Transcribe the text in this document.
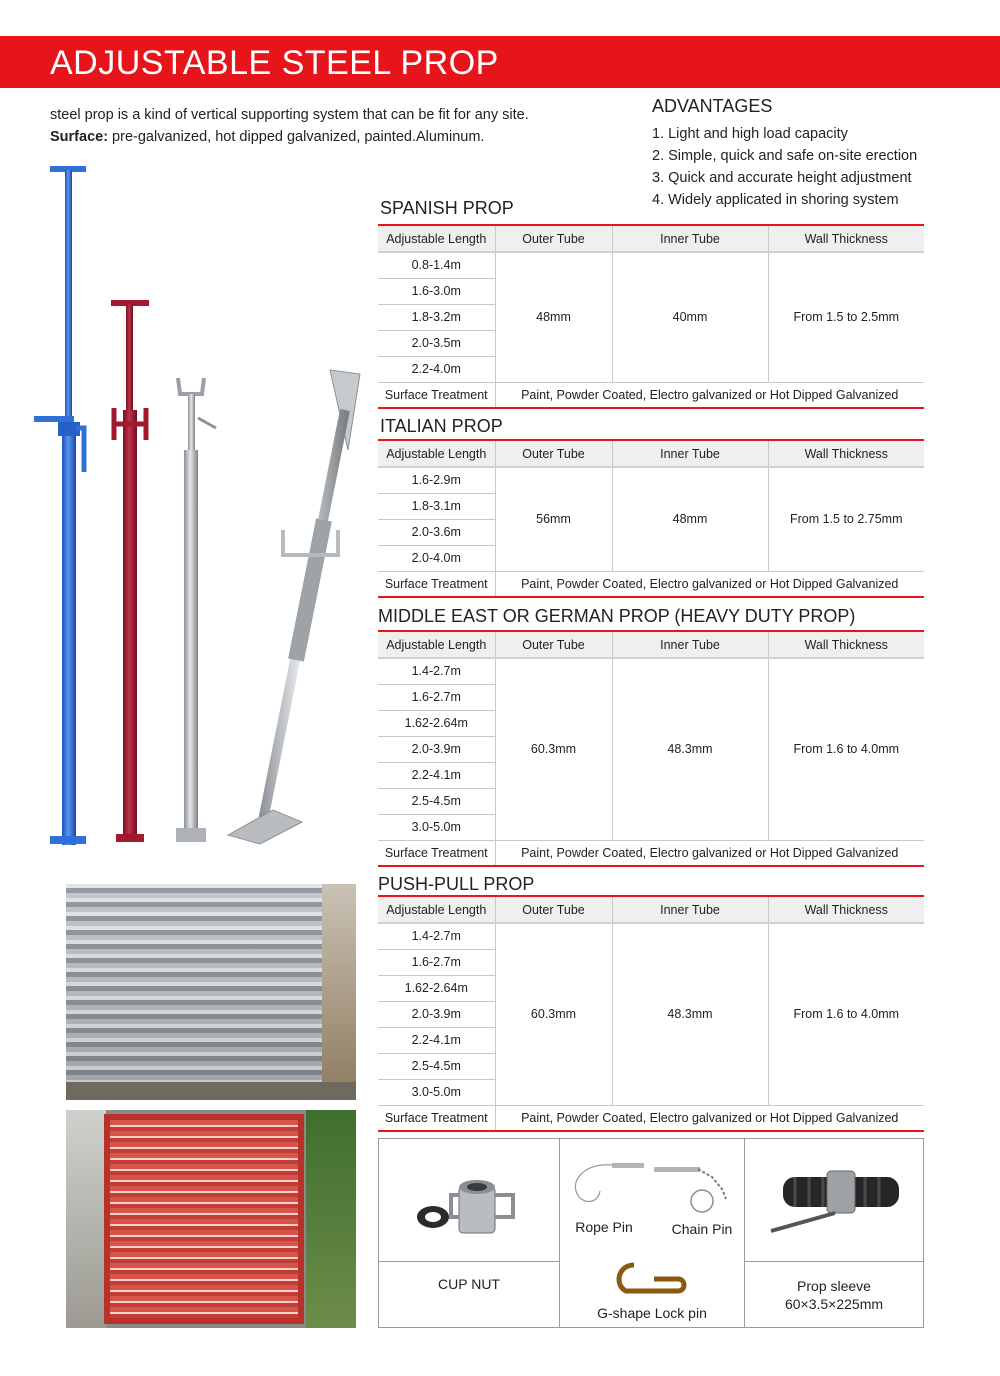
ADJUSTABLE STEEL PROP
steel prop is a kind of vertical supporting system that can be fit for any site.
Surface: pre-galvanized, hot dipped galvanized, painted.Aluminum.
ADVANTAGES
1. Light and high load capacity
2. Simple, quick and safe on-site erection
3. Quick and accurate height adjustment
4. Widely applicated in shoring system
SPANISH PROP
Adjustable Length	Outer Tube	Inner Tube	Wall Thickness
0.8-1.4m	48mm	40mm	From 1.5 to 2.5mm
1.6-3.0m			
1.8-3.2m			
2.0-3.5m			
2.2-4.0m			
Surface Treatment	Paint, Powder Coated, Electro galvanized or Hot Dipped Galvanized		
ITALIAN PROP
Adjustable Length	Outer Tube	Inner Tube	Wall Thickness
1.6-2.9m	56mm	48mm	From 1.5 to 2.75mm
1.8-3.1m			
2.0-3.6m			
2.0-4.0m			
Surface Treatment	Paint, Powder Coated, Electro galvanized or Hot Dipped Galvanized		
MIDDLE EAST OR GERMAN PROP (HEAVY DUTY PROP)
Adjustable Length	Outer Tube	Inner Tube	Wall Thickness
1.4-2.7m	60.3mm	48.3mm	From 1.6 to 4.0mm
1.6-2.7m			
1.62-2.64m			
2.0-3.9m			
2.2-4.1m			
2.5-4.5m			
3.0-5.0m			
Surface Treatment	Paint, Powder Coated, Electro galvanized or Hot Dipped Galvanized		
PUSH-PULL PROP
Adjustable Length	Outer Tube	Inner Tube	Wall Thickness
1.4-2.7m	60.3mm	48.3mm	From 1.6 to 4.0mm
1.6-2.7m			
1.62-2.64m			
2.0-3.9m			
2.2-4.1m			
2.5-4.5m			
3.0-5.0m			
Surface Treatment	Paint, Powder Coated, Electro galvanized or Hot Dipped Galvanized		
CUP NUT
Rope Pin	Chain Pin
G-shape Lock pin
Prop sleeve
60×3.5×225mm
